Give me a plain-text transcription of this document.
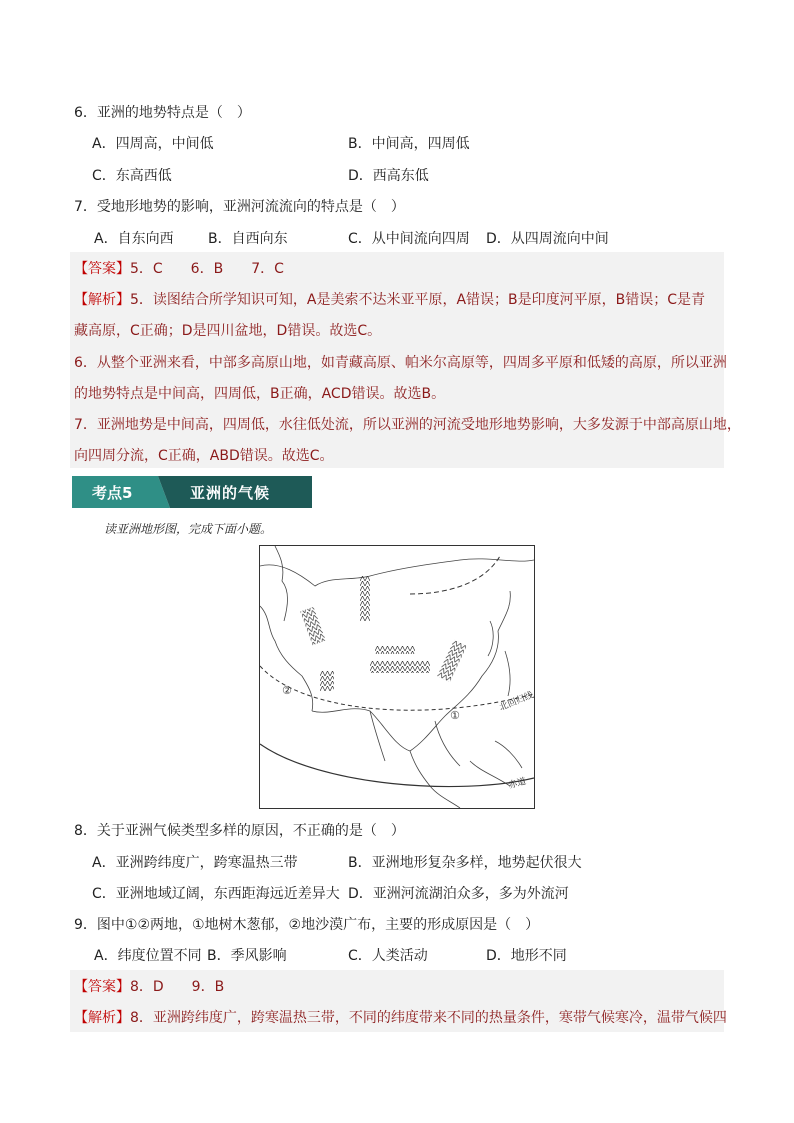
6．亚洲的地势特点是（　）
A．四周高，中间低	B．中间高，四周低
C．东高西低	D．西高东低
7．受地形地势的影响，亚洲河流流向的特点是（　）
A．自东向西 B．自西向东	C．从中间流向四周 D．从四周流向中间
【答案】5．C　　6．B　　7．C
【解析】5．读图结合所学知识可知，A是美索不达米亚平原，A错误；B是印度河平原，B错误；C是青
藏高原，C正确；D是四川盆地，D错误。故选C。
6．从整个亚洲来看，中部多高原山地，如青藏高原、帕米尔高原等，四周多平原和低矮的高原，所以亚洲
的地势特点是中间高，四周低，B正确，ACD错误。故选B。
7．亚洲地势是中间高，四周低，水往低处流，所以亚洲的河流受地形地势影响，大多发源于中部高原山地，
向四周分流，C正确，ABD错误。故选C。
考点5	亚洲的气候
读亚洲地形图，完成下面小题。
北回归线
赤道
①
②
8．关于亚洲气候类型多样的原因，不正确的是（　）
A．亚洲跨纬度广，跨寒温热三带	B．亚洲地形复杂多样，地势起伏很大
C．亚洲地域辽阔，东西距海远近差异大 D．亚洲河流湖泊众多，多为外流河
9．图中①②两地，①地树木葱郁，②地沙漠广布，主要的形成原因是（　）
A．纬度位置不同 B．季风影响	C．人类活动	D．地形不同
【答案】8．D　　9．B
【解析】8．亚洲跨纬度广，跨寒温热三带，不同的纬度带来不同的热量条件，寒带气候寒冷，温带气候四
